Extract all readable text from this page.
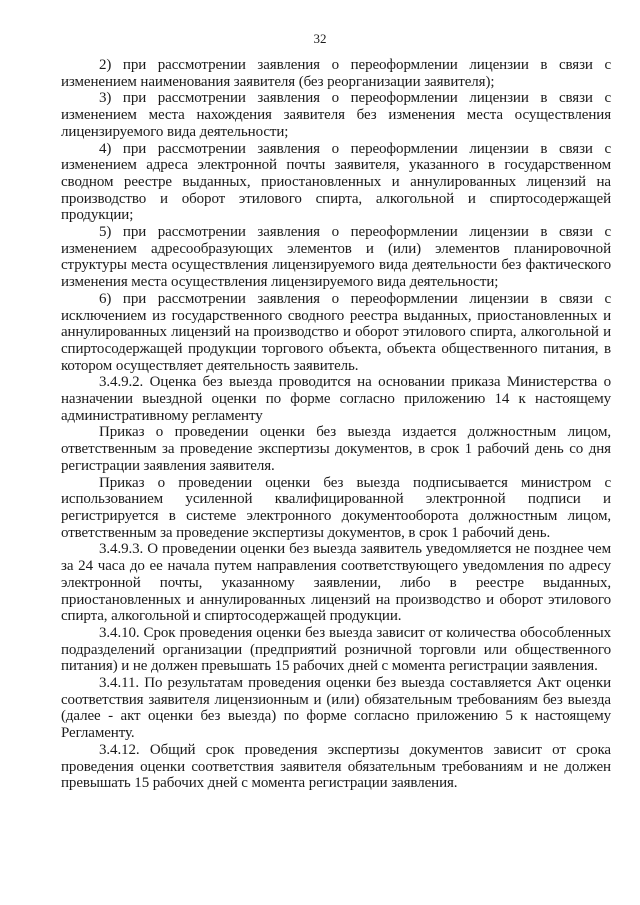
32

2) при рассмотрении заявления о переоформлении лицензии в связи с изменением наименования заявителя (без реорганизации заявителя);

3) при рассмотрении заявления о переоформлении лицензии в связи с изменением места нахождения заявителя без изменения места осуществления лицензируемого вида деятельности;

4) при рассмотрении заявления о переоформлении лицензии в связи с изменением адреса электронной почты заявителя, указанного в государственном сводном реестре выданных, приостановленных и аннулированных лицензий на производство и оборот этилового спирта, алкогольной и спиртосодержащей продукции;

5) при рассмотрении заявления о переоформлении лицензии в связи с изменением адресообразующих элементов и (или) элементов планировочной структуры места осуществления лицензируемого вида деятельности без фактического изменения места осуществления лицензируемого вида деятельности;

6) при рассмотрении заявления о переоформлении лицензии в связи с исключением из государственного сводного реестра выданных, приостановленных и аннулированных лицензий на производство и оборот этилового спирта, алкогольной и спиртосодержащей продукции торгового объекта, объекта общественного питания, в котором осуществляет деятельность заявитель.

3.4.9.2. Оценка без выезда проводится на основании приказа Министерства о назначении выездной оценки по форме согласно приложению 14 к настоящему административному регламенту

Приказ о проведении оценки без выезда издается должностным лицом, ответственным за проведение экспертизы документов, в срок 1 рабочий день со дня регистрации заявления заявителя.

Приказ о проведении оценки без выезда подписывается министром с использованием усиленной квалифицированной электронной подписи и регистрируется в системе электронного документооборота должностным лицом, ответственным за проведение экспертизы документов, в срок 1 рабочий день.

3.4.9.3. О проведении оценки без выезда заявитель уведомляется не позднее чем за 24 часа до ее начала путем направления соответствующего уведомления по адресу электронной почты, указанному заявлении, либо в реестре выданных, приостановленных и аннулированных лицензий на производство и оборот этилового спирта, алкогольной и спиртосодержащей продукции.

3.4.10. Срок проведения оценки без выезда зависит от количества обособленных подразделений организации (предприятий розничной торговли или общественного питания) и не должен превышать 15 рабочих дней с момента регистрации заявления.

3.4.11. По результатам проведения оценки без выезда составляется Акт оценки соответствия заявителя лицензионным и (или) обязательным требованиям без выезда (далее - акт оценки без выезда) по форме согласно приложению 5 к настоящему Регламенту.

3.4.12. Общий срок проведения экспертизы документов зависит от срока проведения оценки соответствия заявителя обязательным требованиям и не должен превышать 15 рабочих дней с момента регистрации заявления.
